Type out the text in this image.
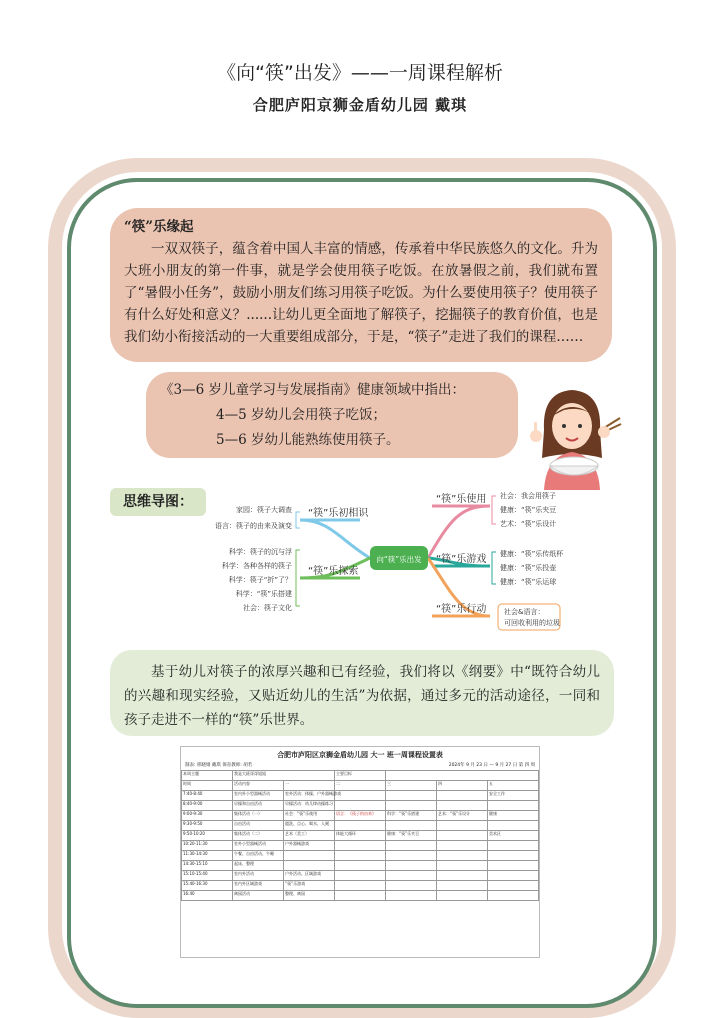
《向“筷”出发》——一周课程解析
合肥庐阳京狮金盾幼儿园 戴琪
“筷”乐缘起

一双双筷子，蕴含着中国人丰富的情感，传承着中华民族悠久的文化。升为大班小朋友的第一件事，就是学会使用筷子吃饭。在放暑假之前，我们就布置了“暑假小任务”，鼓励小朋友们练习用筷子吃饭。为什么要使用筷子？使用筷子有什么好处和意义？......让幼儿更全面地了解筷子，挖掘筷子的教育价值，也是我们幼小衔接活动的一大重要组成部分，于是，“筷子”走进了我们的课程……

《3—6 岁儿童学习与发展指南》健康领域中指出：

4—5 岁幼儿会用筷子吃饭；

5—6 岁幼儿能熟练使用筷子。

思维导图：
向“筷”乐出发
“筷”乐初相识
“筷”乐探索
“筷”乐使用
“筷”乐游戏
“筷”乐行动
家园：筷子大调查
语言：筷子的由来及演变
科学：筷子的沉与浮
科学：各种各样的筷子
科学：筷子“折”了？
科学：“筷”乐搭建
社会：筷子文化
社会：我会用筷子
健康：“筷”乐夹豆
艺术：“筷”乐设计
健康：“筷”乐传纸杯
健康：“筷”乐投壶
健康：“筷”乐运球
社会&语言：
可回收利用的垃圾

基于幼儿对筷子的浓厚兴趣和已有经验，我们将以《纲要》中“既符合幼儿的兴趣和现实经验，又贴近幼儿的生活”为依据，通过多元的活动途径，一同和孩子走进不一样的“筷”乐世界。

合肥市庐阳区京狮金盾幼儿园 大一 班一周课程设置表
制表: 邢晓婧 戴琪 保育教师: 胡若	2024年 9 月 23 日 — 9 月 27 日 第 四 周
本周主题	我是大班哥哥姐姐		主要目标			
时间	活动内容	一	二	三	四	五
7:40-8:40	室内外小型器械活动	室外活动：体操、户外器械游戏				安全工作
8:40-9:00	早操和自由活动	早操活动：幼儿律动操练习				
9:00-9:30	集体活动（一）	社会：“筷”乐使用	语言：《筷子的由来》	科学：“筷”乐搭建	艺术：“筷”乐设计	健康
9:30-9:50	自由活动	盥洗、点心、喝水、入厕				
9:50-10:20	集体活动（二）	艺术（美工）	体能大循环	健康：“筷”乐夹豆		美术区
10:20-11:30	室外小型器械活动	户外器械游戏				
11:30-14:30	午餐、自由活动、午睡					
14:30-15:10	起床、整理					
15:10-15:40	室内外活动	户外活动、区域游戏				
15:40-16:30	室内外区域游戏	“筷”乐游戏				
16:40	离园活动	整理、离园				
